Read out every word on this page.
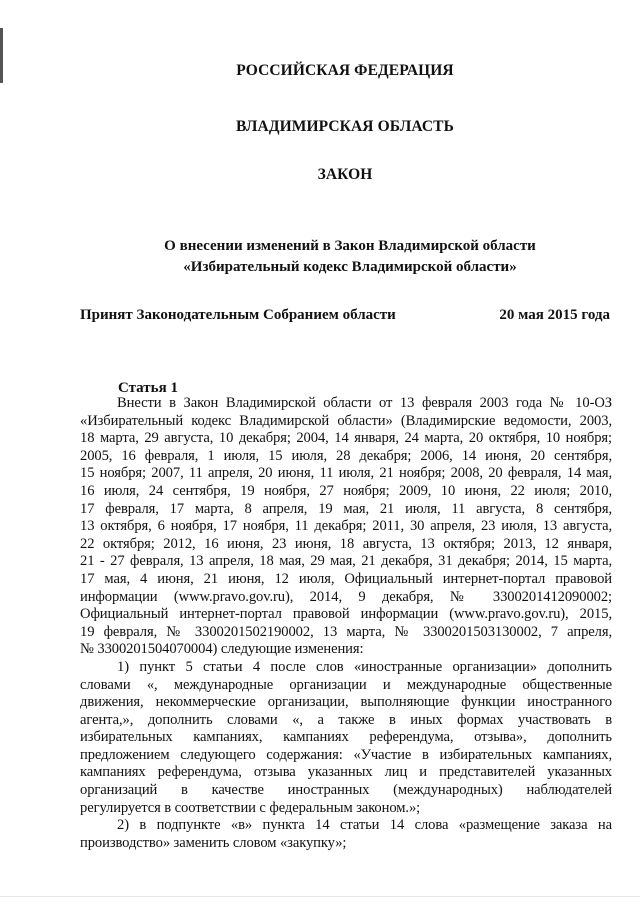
РОССИЙСКАЯ ФЕДЕРАЦИЯ
ВЛАДИМИРСКАЯ ОБЛАСТЬ
ЗАКОН
О внесении изменений в Закон Владимирской области
«Избирательный кодекс Владимирской области»
Принят Законодательным Собранием области	20 мая 2015 года
Статья 1
Внести в Закон Владимирской области от 13 февраля 2003 года № 10-ОЗ
«Избирательный кодекс Владимирской области» (Владимирские ведомости, 2003,
18 марта, 29 августа, 10 декабря; 2004, 14 января, 24 марта, 20 октября, 10 ноября;
2005, 16 февраля, 1 июля, 15 июля, 28 декабря; 2006, 14 июня, 20 сентября,
15 ноября; 2007, 11 апреля, 20 июня, 11 июля, 21 ноября; 2008, 20 февраля, 14 мая,
16 июля, 24 сентября, 19 ноября, 27 ноября; 2009, 10 июня, 22 июля; 2010,
17 февраля, 17 марта, 8 апреля, 19 мая, 21 июля, 11 августа, 8 сентября,
13 октября, 6 ноября, 17 ноября, 11 декабря; 2011, 30 апреля, 23 июля, 13 августа,
22 октября; 2012, 16 июня, 23 июня, 18 августа, 13 октября; 2013, 12 января,
21 - 27 февраля, 13 апреля, 18 мая, 29 мая, 21 декабря, 31 декабря; 2014, 15 марта,
17 мая, 4 июня, 21 июня, 12 июля, Официальный интернет-портал правовой
информации (www.pravo.gov.ru), 2014, 9 декабря, № 3300201412090002;
Официальный интернет-портал правовой информации (www.pravo.gov.ru), 2015,
19 февраля, № 3300201502190002, 13 марта, № 3300201503130002, 7 апреля,
№ 3300201504070004) следующие изменения:
1) пункт 5 статьи 4 после слов «иностранные организации» дополнить
словами «, международные организации и международные общественные
движения, некоммерческие организации, выполняющие функции иностранного
агента,», дополнить словами «, а также в иных формах участвовать в
избирательных кампаниях, кампаниях референдума, отзыва», дополнить
предложением следующего содержания: «Участие в избирательных кампаниях,
кампаниях референдума, отзыва указанных лиц и представителей указанных
организаций в качестве иностранных (международных) наблюдателей
регулируется в соответствии с федеральным законом.»;
2) в подпункте «в» пункта 14 статьи 14 слова «размещение заказа на
производство» заменить словом «закупку»;
